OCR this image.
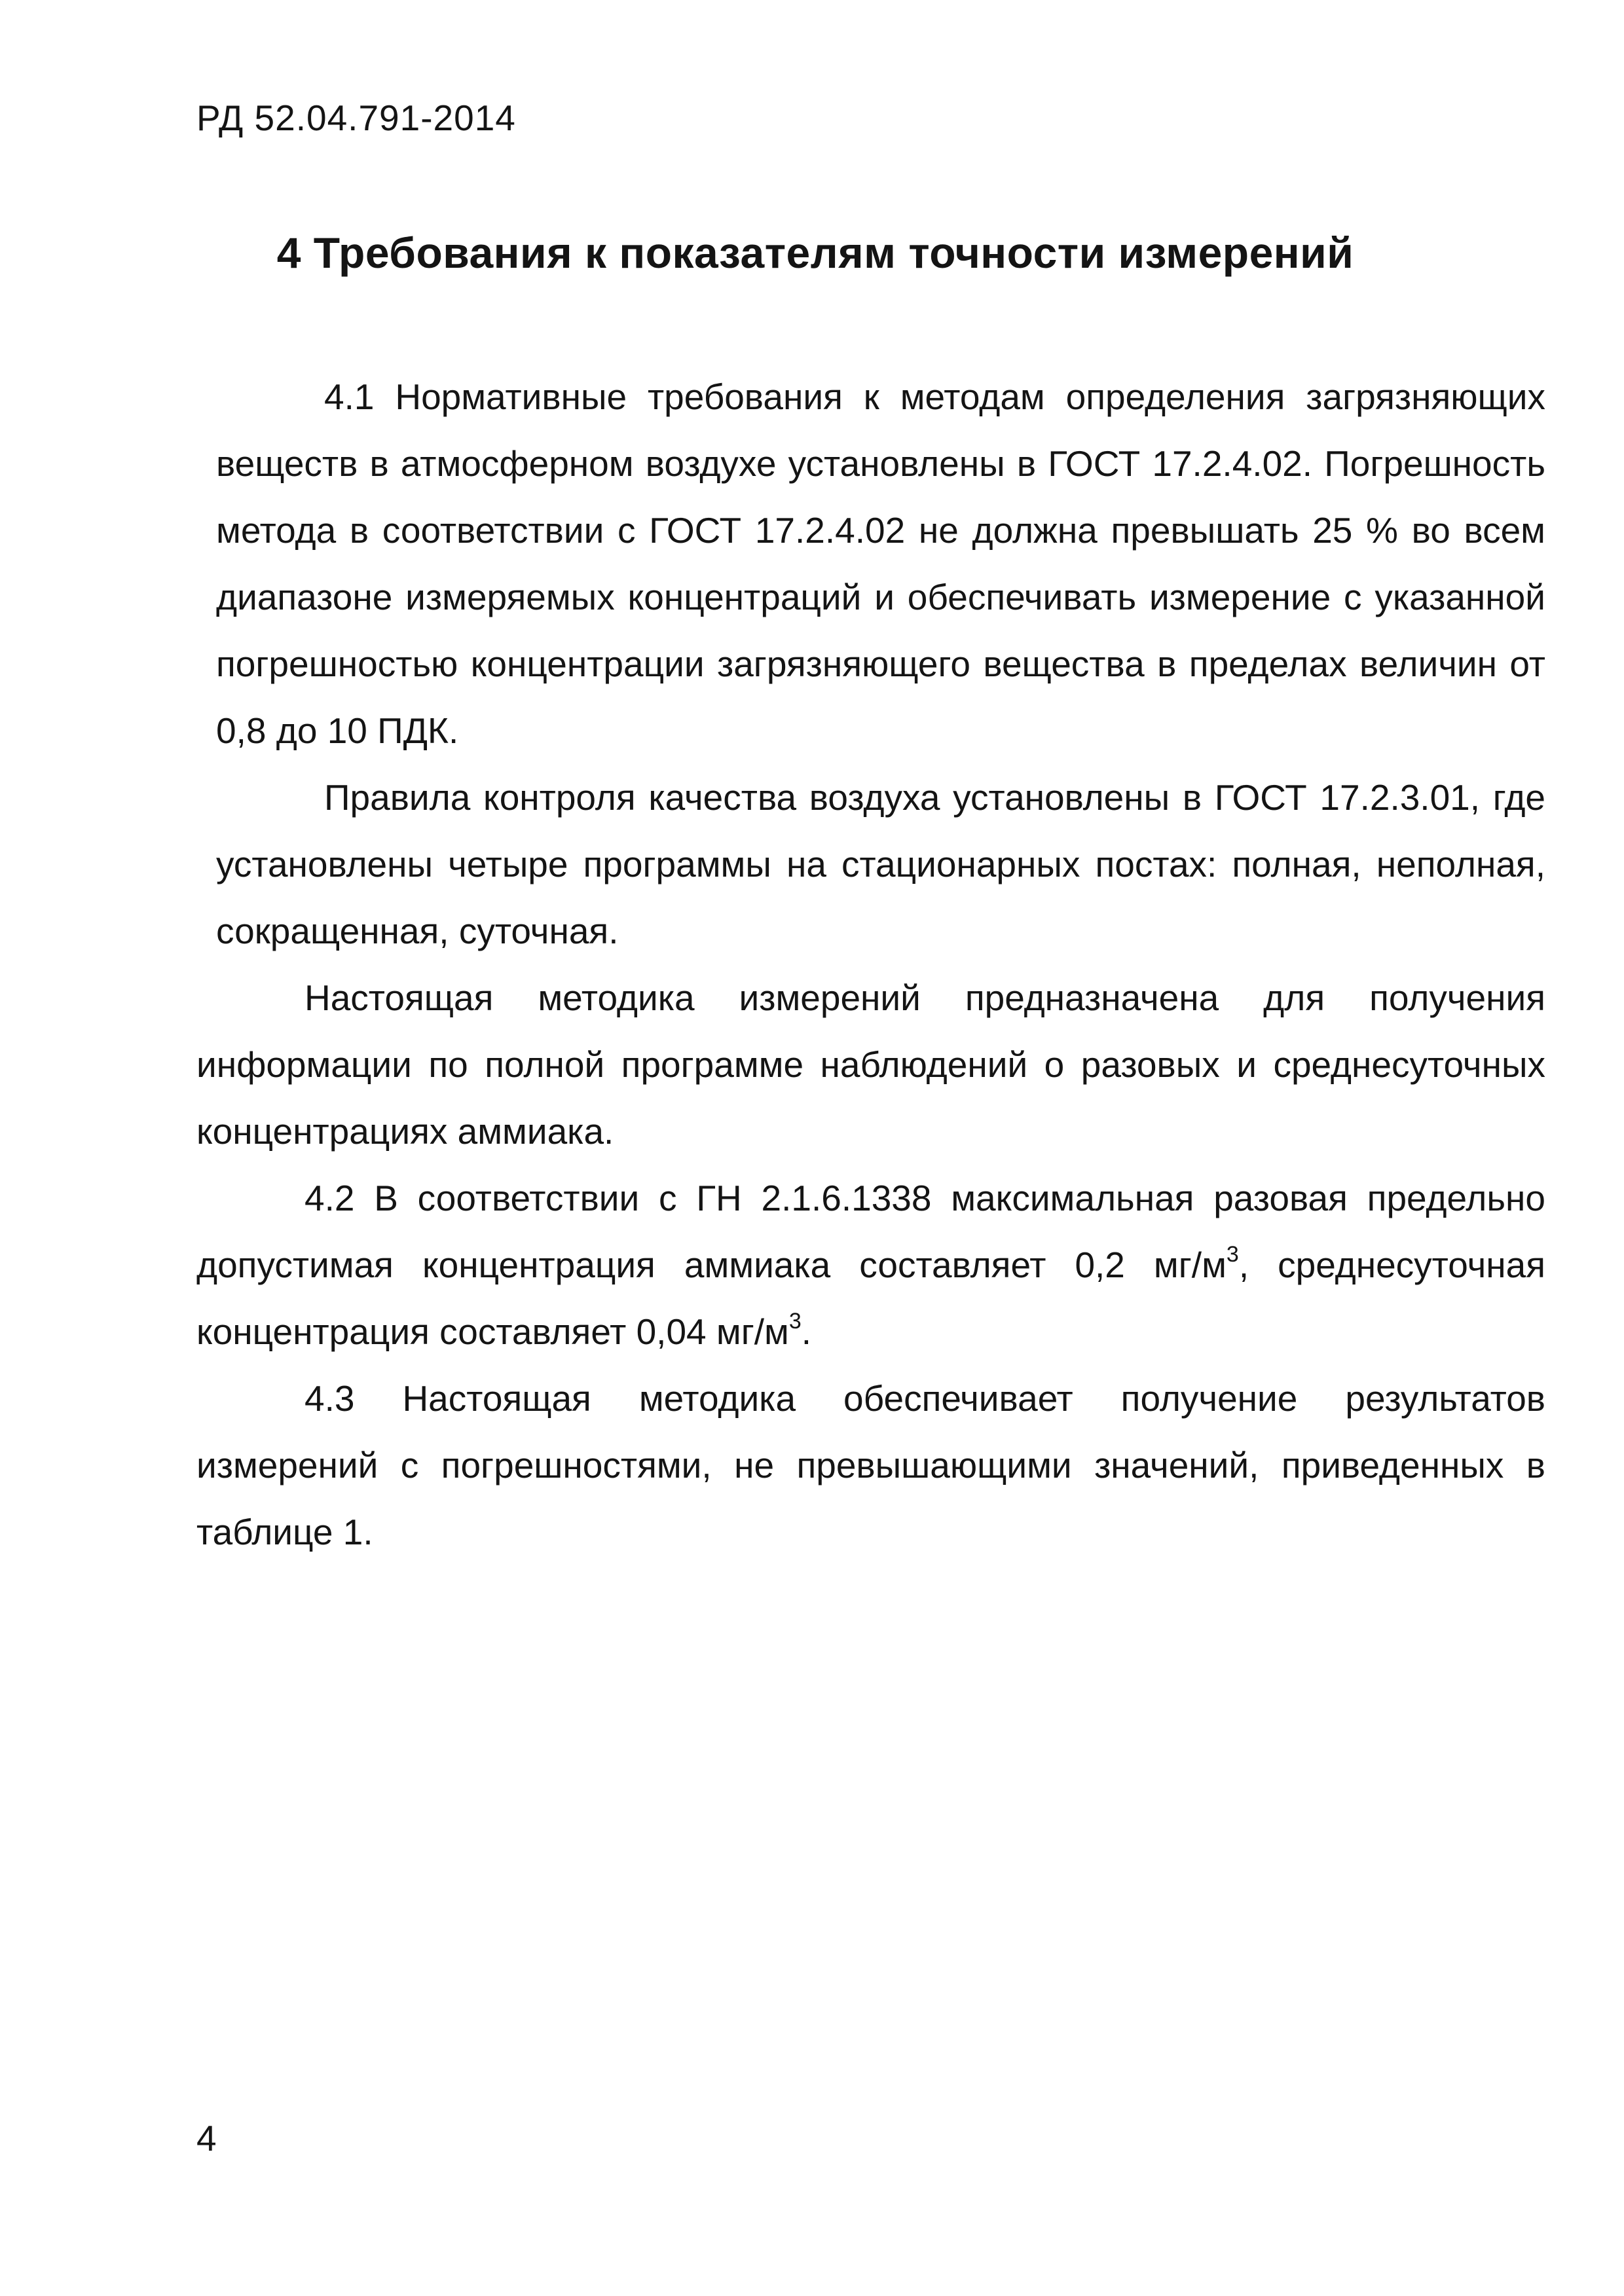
РД 52.04.791-2014
4 Требования к показателям точности измерений

4.1 Нормативные требования к методам определения загрязняющих веществ в атмосферном воздухе установлены в ГОСТ 17.2.4.02. Погрешность метода в соответствии с ГОСТ 17.2.4.02 не должна превышать 25 % во всем диапазоне измеряемых концентраций и обеспечивать измерение с указанной погрешностью концентрации загрязняющего вещества в пределах величин от 0,8 до 10 ПДК.

Правила контроля качества воздуха установлены в ГОСТ 17.2.3.01, где установлены четыре программы на стационарных постах: полная, неполная, сокращенная, суточная.

Настоящая методика измерений предназначена для получения информации по полной программе наблюдений о разовых и среднесуточных концентрациях аммиака.

4.2 В соответствии с ГН 2.1.6.1338 максимальная разовая предельно допустимая концентрация аммиака составляет 0,2 $мг/м^3$, среднесуточная концентрация составляет 0,04 $мг/м^3$.

4.3 Настоящая методика обеспечивает получение результатов измерений с погрешностями, не превышающими значений, приведенных в таблице 1.

4
